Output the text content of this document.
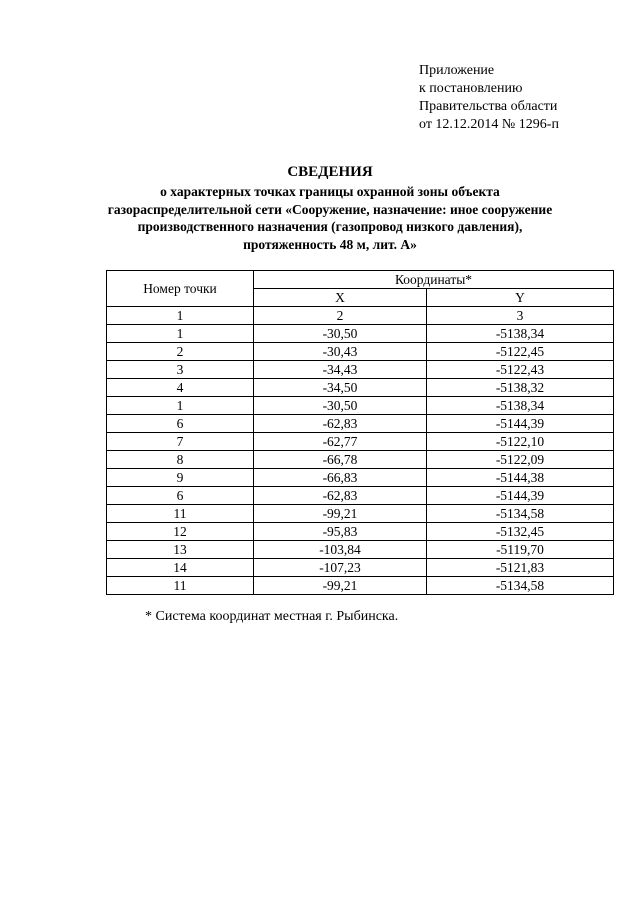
Приложение
к постановлению
Правительства области
от 12.12.2014 № 1296-п
СВЕДЕНИЯ
о характерных точках границы охранной зоны объекта
газораспределительной сети «Сооружение, назначение: иное сооружение
производственного назначения (газопровод низкого давления),
протяженность 48 м, лит. А»
Номер точки	Координаты*	
	X	Y
1	2	3
1	-30,50	-5138,34
2	-30,43	-5122,45
3	-34,43	-5122,43
4	-34,50	-5138,32
1	-30,50	-5138,34
6	-62,83	-5144,39
7	-62,77	-5122,10
8	-66,78	-5122,09
9	-66,83	-5144,38
6	-62,83	-5144,39
11	-99,21	-5134,58
12	-95,83	-5132,45
13	-103,84	-5119,70
14	-107,23	-5121,83
11	-99,21	-5134,58
* Система координат местная г. Рыбинска.
